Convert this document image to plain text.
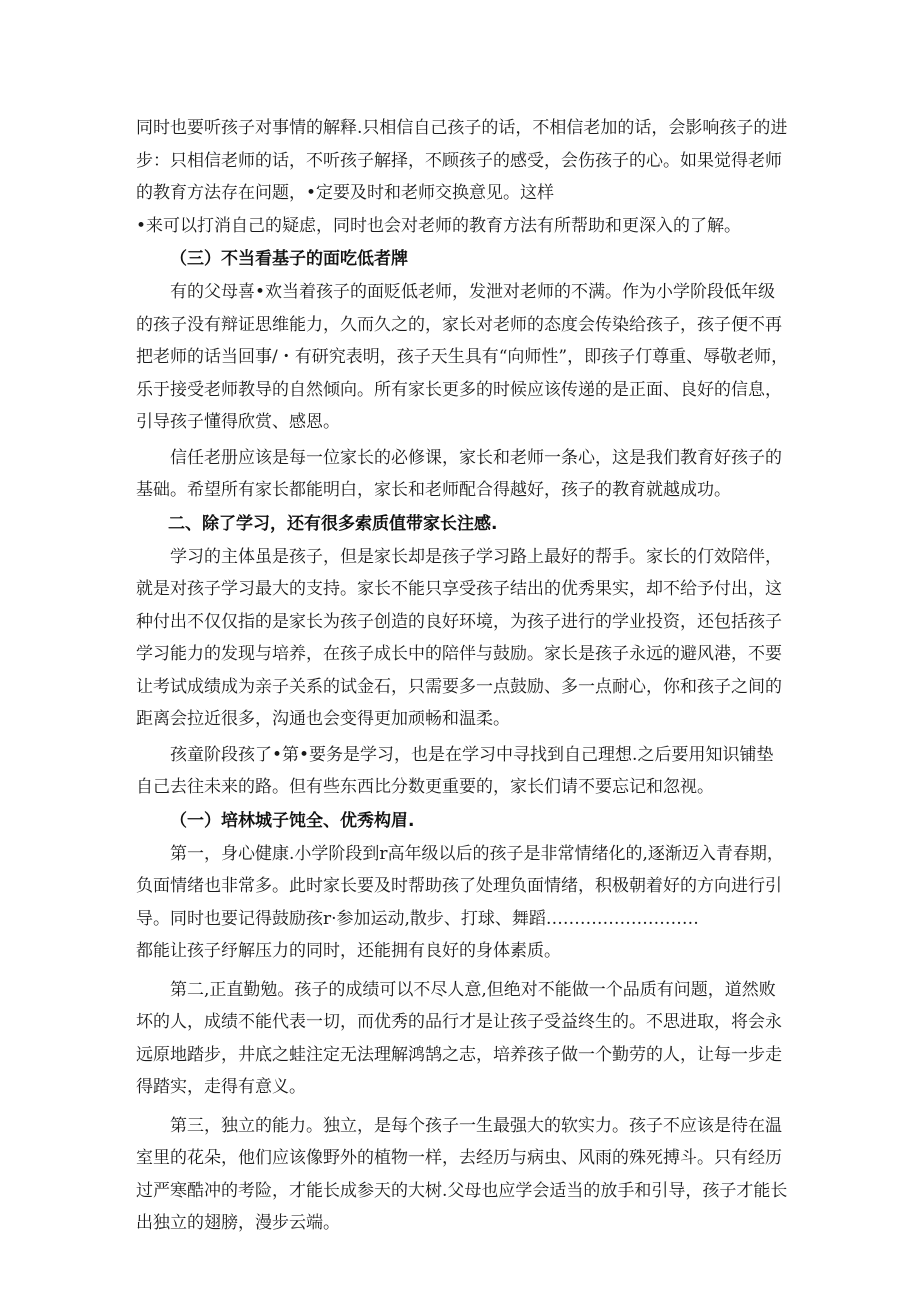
同时也要听孩子对事情的解释.只相信自己孩子的话，不相信老加的话，会影响孩子的进步：只相信老师的话，不听孩子解择，不顾孩子的感受，会伤孩子的心。如果觉得老师的教育方法存在问题，•定要及时和老师交换意见。这样

•来可以打消自己的疑虑，同时也会对老师的教育方法有所帮助和更深入的了解。

（三）不当看基子的面吃低者牌

有的父母喜•欢当着孩子的面贬低老师，发泄对老师的不满。作为小学阶段低年级的孩子没有辩证思维能力，久而久之的，家长对老师的态度会传染给孩子，孩子便不再把老师的话当回事/・有研究表明，孩子天生具有“向师性”，即孩子仃尊重、辱敬老师，乐于接受老师教导的自然倾向。所有家长更多的时候应该传递的是正面、良好的信息，引导孩子懂得欣赏、感恩。

信任老册应该是每一位家长的必修课，家长和老师一条心，这是我们教育好孩子的基础。希望所有家长都能明白，家长和老师配合得越好，孩子的教育就越成功。

二、除了学习，还有很多索质值带家长注感.

学习的主体虽是孩子，但是家长却是孩子学习路上最好的帮手。家长的仃效陪伴，就是对孩子学习最大的支持。家长不能只享受孩子结出的优秀果实，却不给予付出，这种付出不仅仅指的是家长为孩子创造的良好环境，为孩子进行的学业投资，还包括孩子学习能力的发现与培养，在孩子成长中的陪伴与鼓励。家长是孩子永远的避风港，不要让考试成绩成为亲子关系的试金石，只需要多一点鼓励、多一点耐心，你和孩子之间的距离会拉近很多，沟通也会变得更加顽畅和温柔。

孩童阶段孩了•第•要务是学习，也是在学习中寻找到自己理想.之后要用知识铺垫自己去往未来的路。但有些东西比分数更重要的，家长们请不要忘记和忽视。

（一）培林城子饨全、优秀构眉.

第一，身心健康.小学阶段到r高年级以后的孩子是非常情绪化的,逐渐迈入青春期，负面情绪也非常多。此时家长要及时帮助孩了处理负面情绪，积极朝着好的方向进行引导。同时也要记得鼓励孩r·参加运动,散步、打球、舞蹈………………………

都能让孩子纾解压力的同时，还能拥有良好的身体素质。

第二,正直勤勉。孩子的成绩可以不尽人意,但绝对不能做一个品质有问题，道然败坏的人，成绩不能代表一切，而优秀的品行才是让孩子受益终生的。不思进取，将会永远原地踏步，井底之蛙注定无法理解鸿鹄之志，培养孩子做一个勤劳的人，让每一步走得踏实，走得有意义。

第三，独立的能力。独立，是每个孩子一生最强大的软实力。孩子不应该是待在温室里的花朵，他们应该像野外的植物一样，去经历与病虫、风雨的殊死搏斗。只有经历过严寒酷冲的考险，才能长成参天的大树.父母也应学会适当的放手和引导，孩子才能长出独立的翅膀，漫步云端。
